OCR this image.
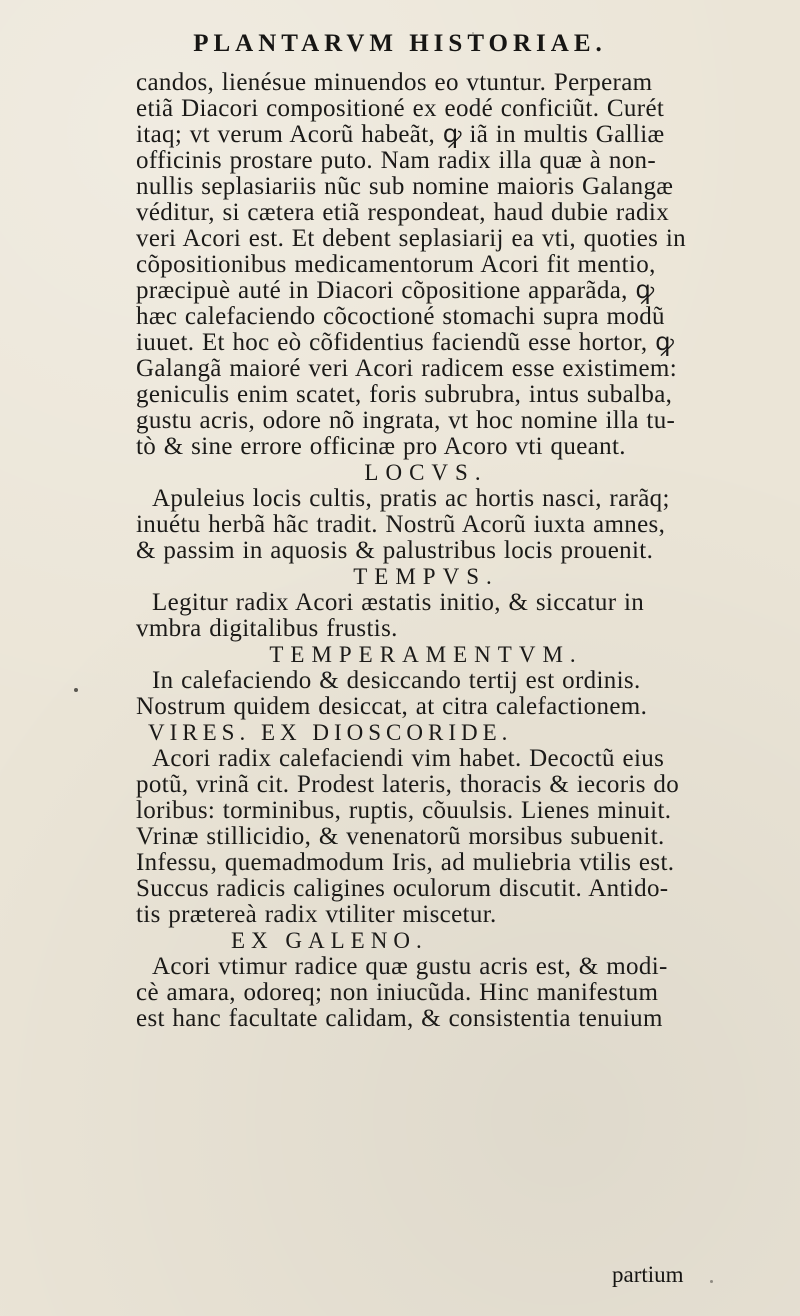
PLANTARVM HISTORIAE.
candos, lienésue minuendos eo vtuntur. Perperam
etiã Diacori compositioné ex eodé conficiũt. Curét
itaq; vt verum Acorũ habeãt, ꝙ iã in multis Galliæ
officinis prostare puto. Nam radix illa quæ à non-
nullis seplasiariis nũc sub nomine maioris Galangæ
véditur, si cætera etiã respondeat, haud dubie radix
veri Acori est. Et debent seplasiarij ea vti, quoties in
cõpositionibus medicamentorum Acori fit mentio,
præcipuè auté in Diacori cõpositione apparãda, ꝙ
hæc calefaciendo cõcoctioné stomachi supra modũ
iuuet. Et hoc eò cõfidentius faciendũ esse hortor, ꝙ
Galangã maioré veri Acori radicem esse existimem:
geniculis enim scatet, foris subrubra, intus subalba,
gustu acris, odore nõ ingrata, vt hoc nomine illa tu-
tò & sine errore officinæ pro Acoro vti queant.
LOCVS.
Apuleius locis cultis, pratis ac hortis nasci, rarãq;
inuétu herbã hãc tradit. Nostrũ Acorũ iuxta amnes,
& passim in aquosis & palustribus locis prouenit.
TEMPVS.
Legitur radix Acori æstatis initio, & siccatur in
vmbra digitalibus frustis.
TEMPERAMENTVM.
In calefaciendo & desiccando tertij est ordinis.
Nostrum quidem desiccat, at citra calefactionem.
VIRES. EX DIOSCORIDE.
Acori radix calefaciendi vim habet. Decoctũ eius
potũ, vrinã cit. Prodest lateris, thoracis & iecoris do
loribus: torminibus, ruptis, cõuulsis. Lienes minuit.
Vrinæ stillicidio, & venenatorũ morsibus subuenit.
Infessu, quemadmodum Iris, ad muliebria vtilis est.
Succus radicis caligines oculorum discutit. Antido-
tis prætereà radix vtiliter miscetur.
EX GALENO.
Acori vtimur radice quæ gustu acris est, & modi-
cè amara, odoreq; non iniucũda. Hinc manifestum
est hanc facultate calidam, & consistentia tenuium
partium
